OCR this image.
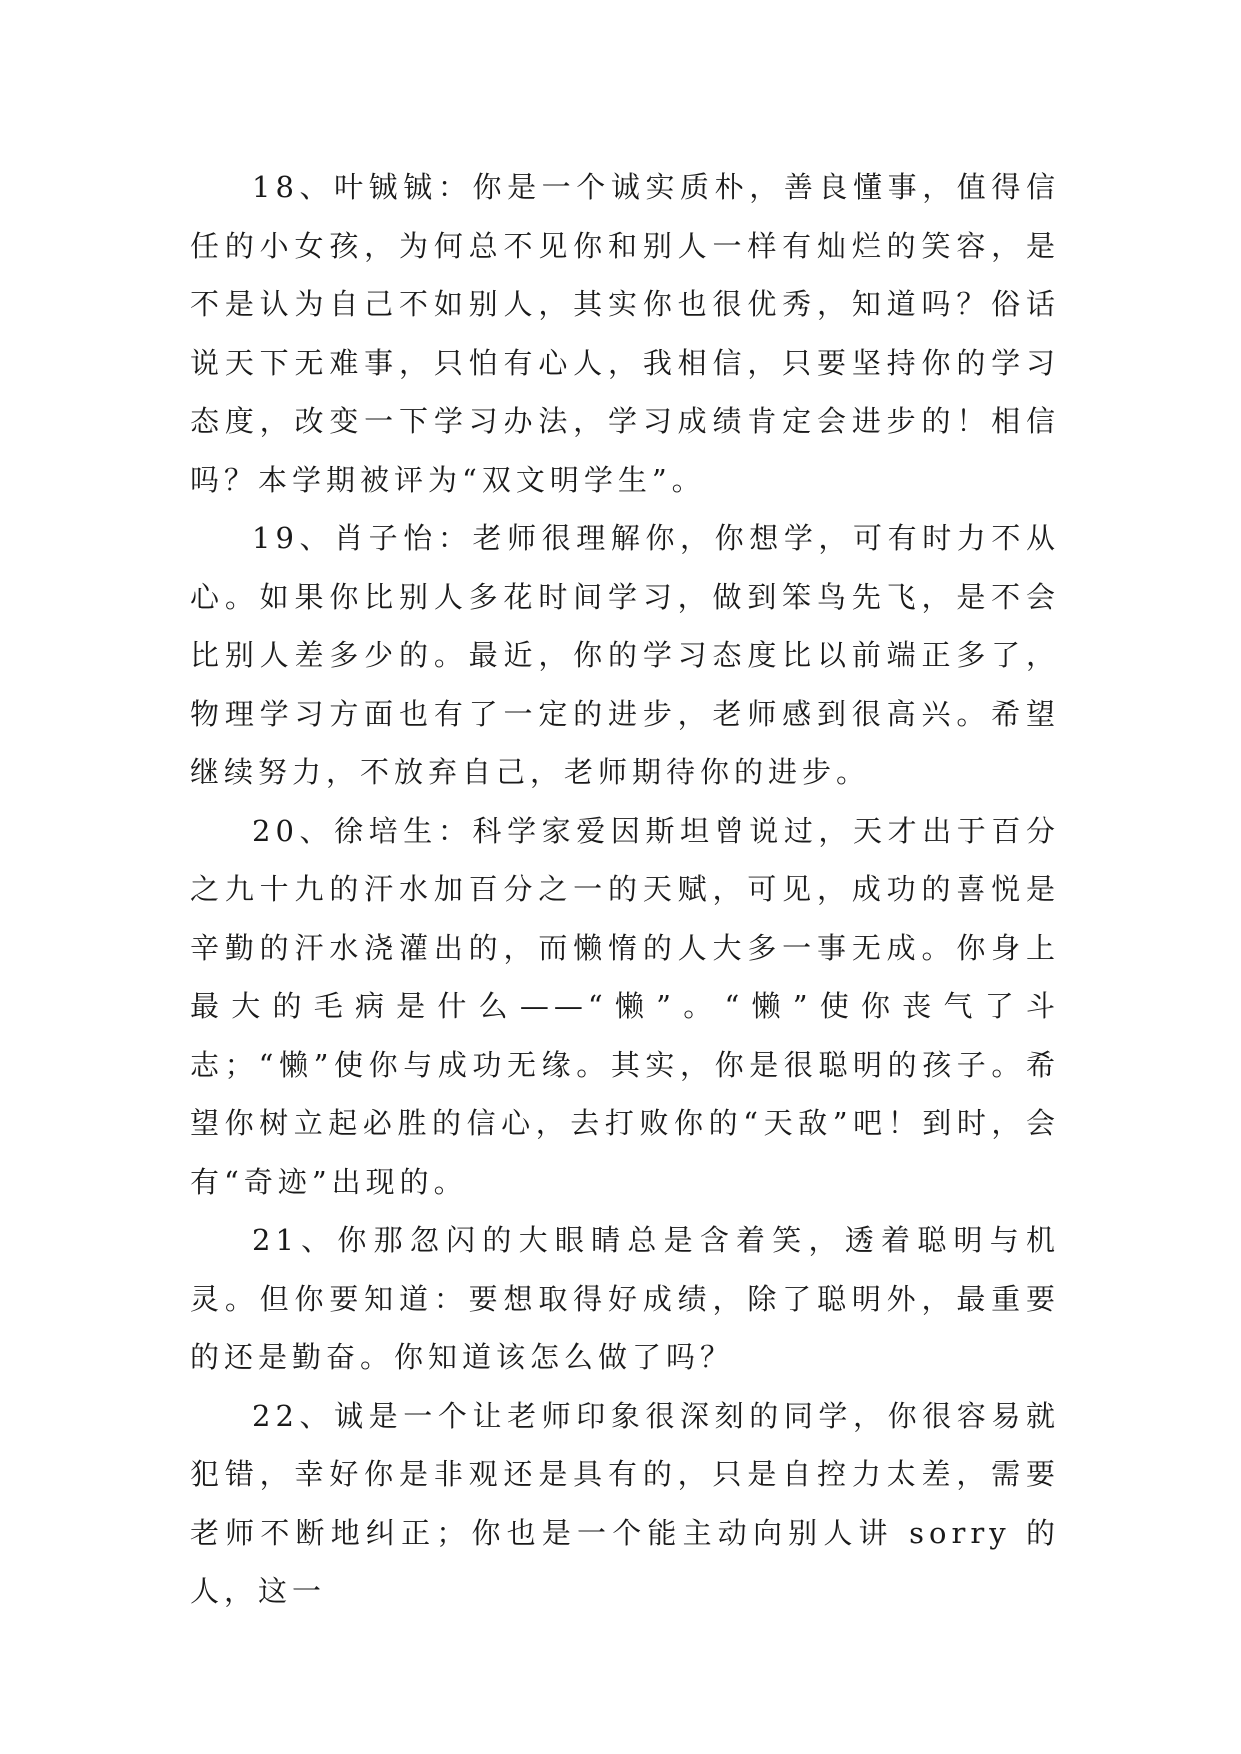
18、叶铖铖：你是一个诚实质朴，善良懂事，值得信任的小女孩，为何总不见你和别人一样有灿烂的笑容，是不是认为自己不如别人，其实你也很优秀，知道吗？俗话说天下无难事，只怕有心人，我相信，只要坚持你的学习态度，改变一下学习办法，学习成绩肯定会进步的！相信吗？本学期被评为“双文明学生”。

19、肖子怡：老师很理解你，你想学，可有时力不从心。如果你比别人多花时间学习，做到笨鸟先飞，是不会比别人差多少的。最近，你的学习态度比以前端正多了，物理学习方面也有了一定的进步，老师感到很高兴。希望继续努力，不放弃自己，老师期待你的进步。

20、徐培生：科学家爱因斯坦曾说过，天才出于百分之九十九的汗水加百分之一的天赋，可见，成功的喜悦是辛勤的汗水浇灌出的，而懒惰的人大多一事无成。你身上最大的毛病是什么——“懒”。“懒”使你丧气了斗志；“懒”使你与成功无缘。其实，你是很聪明的孩子。希望你树立起必胜的信心，去打败你的“天敌”吧！到时，会有“奇迹”出现的。

21、你那忽闪的大眼睛总是含着笑，透着聪明与机灵。但你要知道：要想取得好成绩，除了聪明外，最重要的还是勤奋。你知道该怎么做了吗？

22、诚是一个让老师印象很深刻的同学，你很容易就犯错，幸好你是非观还是具有的，只是自控力太差，需要老师不断地纠正；你也是一个能主动向别人讲 sorry 的人，这一
